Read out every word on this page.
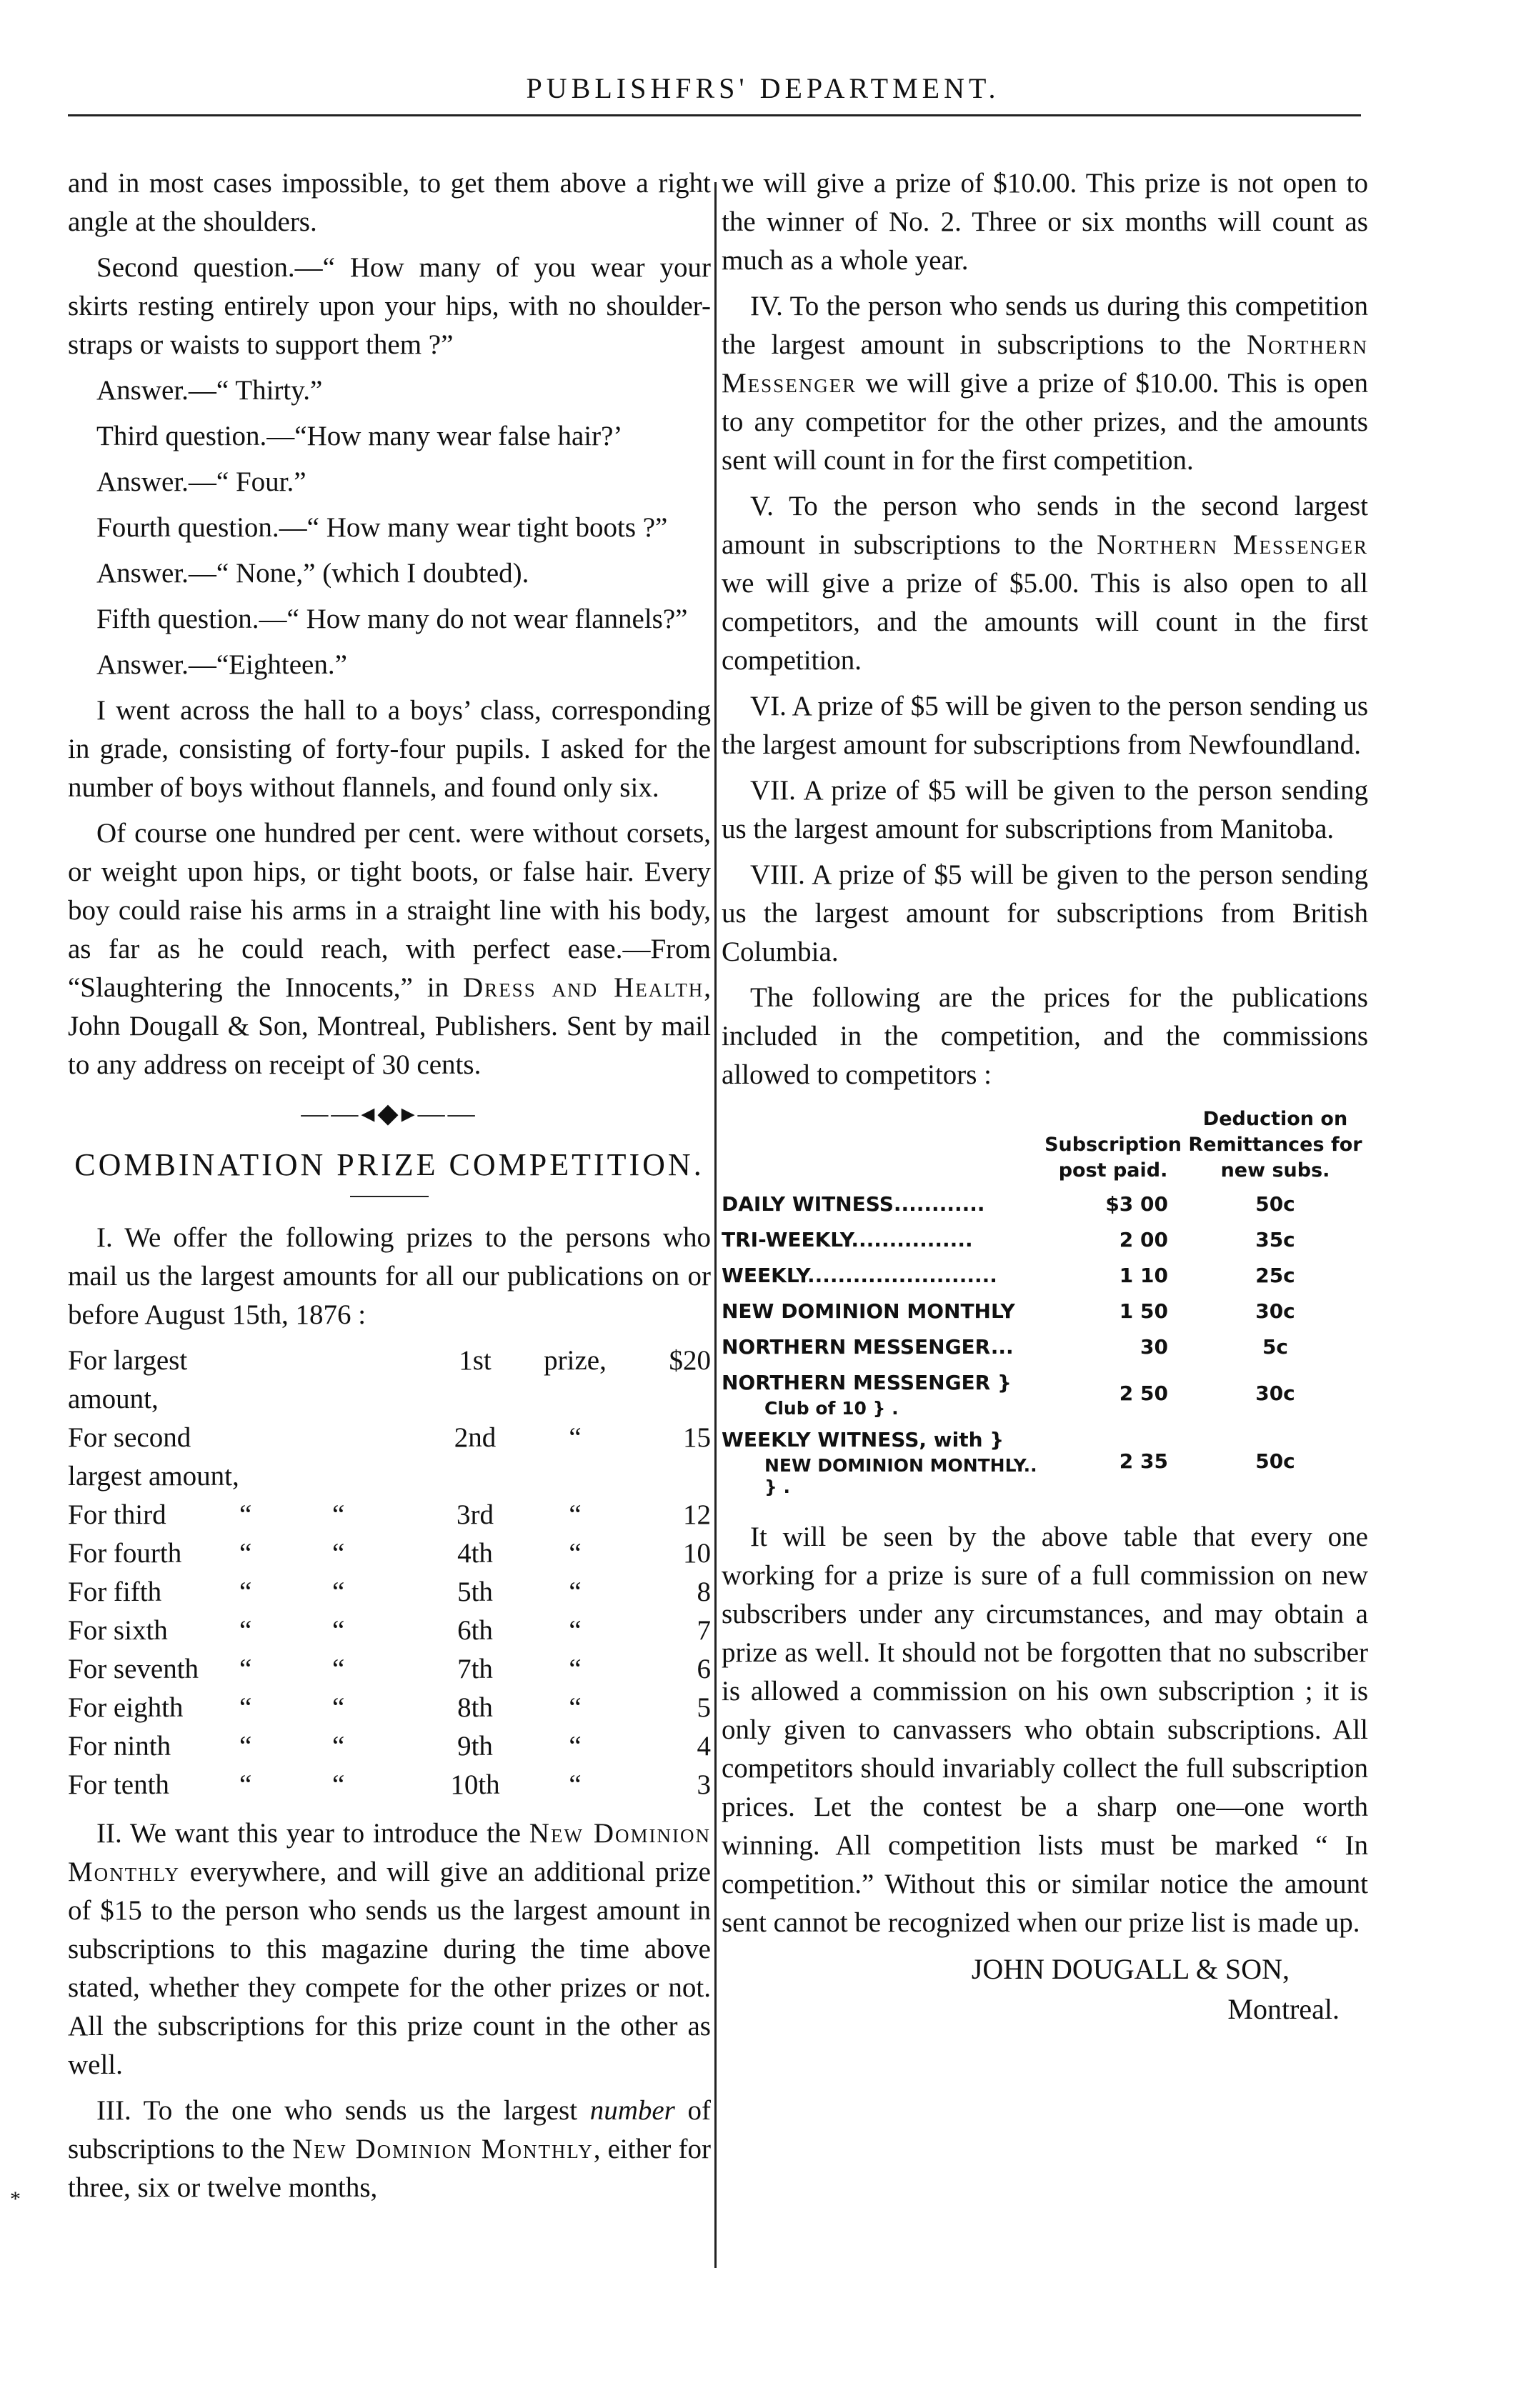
PUBLISHFRS' DEPARTMENT.
*

and in most cases impossible, to get them above a right angle at the shoulders.

Second question.—“ How many of you wear your skirts resting entirely upon your hips, with no shoulder-straps or waists to support them ?”

Answer.—“ Thirty.”

Third question.—“How many wear false hair?’

Answer.—“ Four.”

Fourth question.—“ How many wear tight boots ?”

Answer.—“ None,” (which I doubted).

Fifth question.—“ How many do not wear flannels?”

Answer.—“Eighteen.”

I went across the hall to a boys’ class, corresponding in grade, consisting of forty-four pupils. I asked for the number of boys without flannels, and found only six.

Of course one hundred per cent. were without corsets, or weight upon hips, or tight boots, or false hair. Every boy could raise his arms in a straight line with his body, as far as he could reach, with perfect ease.—From “Slaughtering the Innocents,” in Dress and Health, John Dougall & Son, Montreal, Publishers. Sent by mail to any address on receipt of 30 cents.

——◂◆▸——
COMBINATION PRIZE COMPETITION.

I. We offer the following prizes to the persons who mail us the largest amounts for all our publications on or before August 15th, 1876 :

For largest amount,			1st	prize,	$20
For second largest amount,			2nd	“	15
For third	“	“	3rd	“	12
For fourth	“	“	4th	“	10
For fifth	“	“	5th	“	8
For sixth	“	“	6th	“	7
For seventh	“	“	7th	“	6
For eighth	“	“	8th	“	5
For ninth	“	“	9th	“	4
For tenth	“	“	10th	“	3

II. We want this year to introduce the New Dominion Monthly everywhere, and will give an additional prize of $15 to the person who sends us the largest amount in subscriptions to this magazine during the time above stated, whether they compete for the other prizes or not. All the subscriptions for this prize count in the other as well.

III. To the one who sends us the largest number of subscriptions to the New Dominion Monthly, either for three, six or twelve months,

we will give a prize of $10.00. This prize is not open to the winner of No. 2. Three or six months will count as much as a whole year.

IV. To the person who sends us during this competition the largest amount in subscriptions to the Northern Messenger we will give a prize of $10.00. This is open to any competitor for the other prizes, and the amounts sent will count in for the first competition.

V. To the person who sends in the second largest amount in subscriptions to the Northern Messenger we will give a prize of $5.00. This is also open to all competitors, and the amounts will count in the first competition.

VI. A prize of $5 will be given to the person sending us the largest amount for subscriptions from Newfoundland.

VII. A prize of $5 will be given to the person sending us the largest amount for subscriptions from Manitoba.

VIII. A prize of $5 will be given to the person sending us the largest amount for subscriptions from British Columbia.

The following are the prices for the publications included in the competition, and the commissions allowed to competitors :

	Subscription post paid.	Deduction on Remittances for new subs.
DAILY WITNESS............	$3 00	50c
TRI-WEEKLY................	2 00	35c
WEEKLY.........................	1 10	25c
NEW DOMINION MONTHLY	1 50	30c
NORTHERN MESSENGER...	30	5c
NORTHERN MESSENGER }
Club of 10 } .	2 50	30c
WEEKLY WITNESS, with }
NEW DOMINION MONTHLY.. } .	2 35	50c

It will be seen by the above table that every one working for a prize is sure of a full commission on new subscribers under any circumstances, and may obtain a prize as well. It should not be forgotten that no subscriber is allowed a commission on his own subscription ; it is only given to canvassers who obtain subscriptions. All competitors should invariably collect the full subscription prices. Let the contest be a sharp one—one worth winning. All competition lists must be marked “ In competition.” Without this or similar notice the amount sent cannot be recognized when our prize list is made up.

JOHN DOUGALL & SON,
Montreal.
